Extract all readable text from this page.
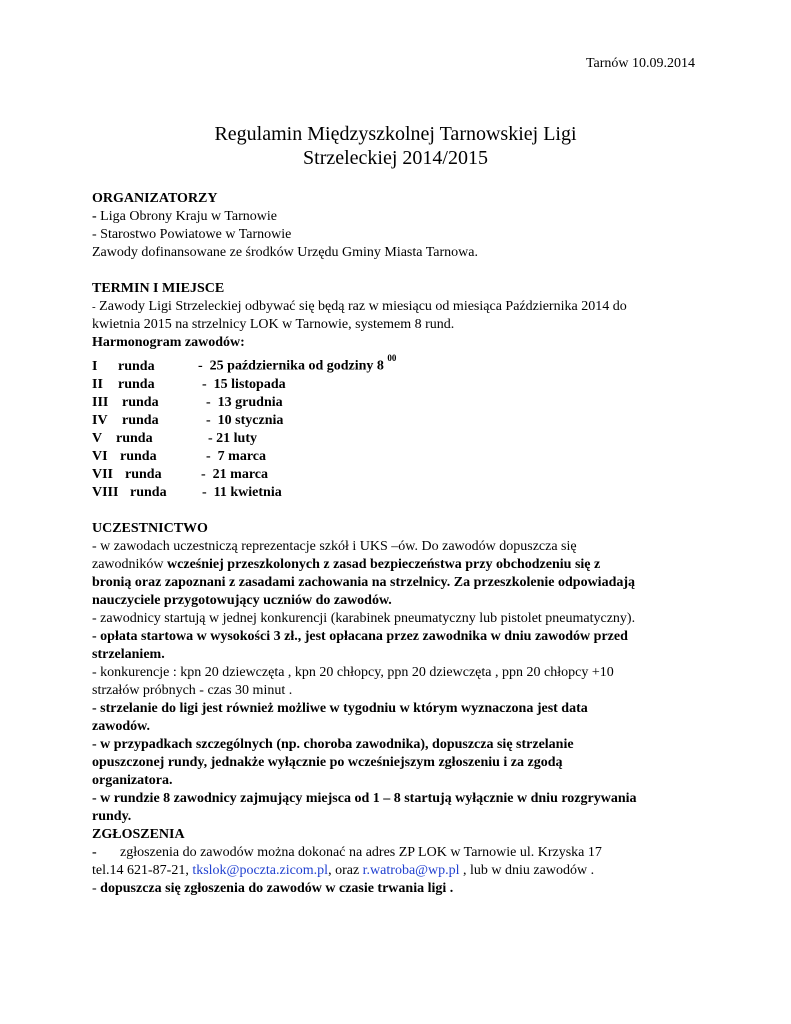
Tarnów 10.09.2014
Regulamin Międzyszkolnej Tarnowskiej Ligi
Strzeleckiej 2014/2015

ORGANIZATORZY

- Liga Obrony Kraju w Tarnowie

- Starostwo Powiatowe w Tarnowie

Zawody dofinansowane ze środków Urzędu Gminy Miasta Tarnowa.

TERMIN I MIEJSCE

- Zawody Ligi Strzeleckiej odbywać się będą raz w miesiącu od miesiąca Października 2014 do

kwietnia 2015 na strzelnicy LOK w Tarnowie, systemem 8 rund.

Harmonogram zawodów:

I runda	-  25 października od godziny 8 $^{00}$

II runda	-  15 listopada

III runda	-  13 grudnia

IV runda	-  10 stycznia

V runda	- 21 luty

VI runda	-  7 marca

VII runda	-  21 marca

VIII runda	-  11 kwietnia

UCZESTNICTWO

- w zawodach uczestniczą reprezentacje szkół i UKS –ów. Do zawodów dopuszcza się

zawodników wcześniej przeszkolonych z zasad bezpieczeństwa przy obchodzeniu się z

bronią oraz zapoznani z zasadami zachowania na strzelnicy. Za przeszkolenie odpowiadają

nauczyciele przygotowujący uczniów do zawodów.

- zawodnicy startują w jednej konkurencji (karabinek pneumatyczny lub pistolet pneumatyczny).

- opłata startowa w wysokości 3 zł., jest opłacana przez zawodnika w dniu zawodów przed

strzelaniem.

- konkurencje : kpn 20 dziewczęta , kpn 20 chłopcy, ppn 20 dziewczęta , ppn 20 chłopcy +10

strzałów próbnych - czas 30 minut .

- strzelanie do ligi jest również możliwe w tygodniu w którym wyznaczona jest data

zawodów.

- w przypadkach szczególnych (np. choroba zawodnika), dopuszcza się strzelanie

opuszczonej rundy, jednakże wyłącznie po wcześniejszym zgłoszeniu i za zgodą

organizatora.

- w rundzie 8 zawodnicy zajmujący miejsca od 1 – 8 startują wyłącznie w dniu rozgrywania

rundy.

ZGŁOSZENIA

- zgłoszenia do zawodów można dokonać na adres ZP LOK w Tarnowie ul. Krzyska 17

tel.14 621-87-21, tkslok@poczta.zicom.pl, oraz r.watroba@wp.pl , lub w dniu zawodów .

- dopuszcza się zgłoszenia do zawodów w czasie trwania ligi .
